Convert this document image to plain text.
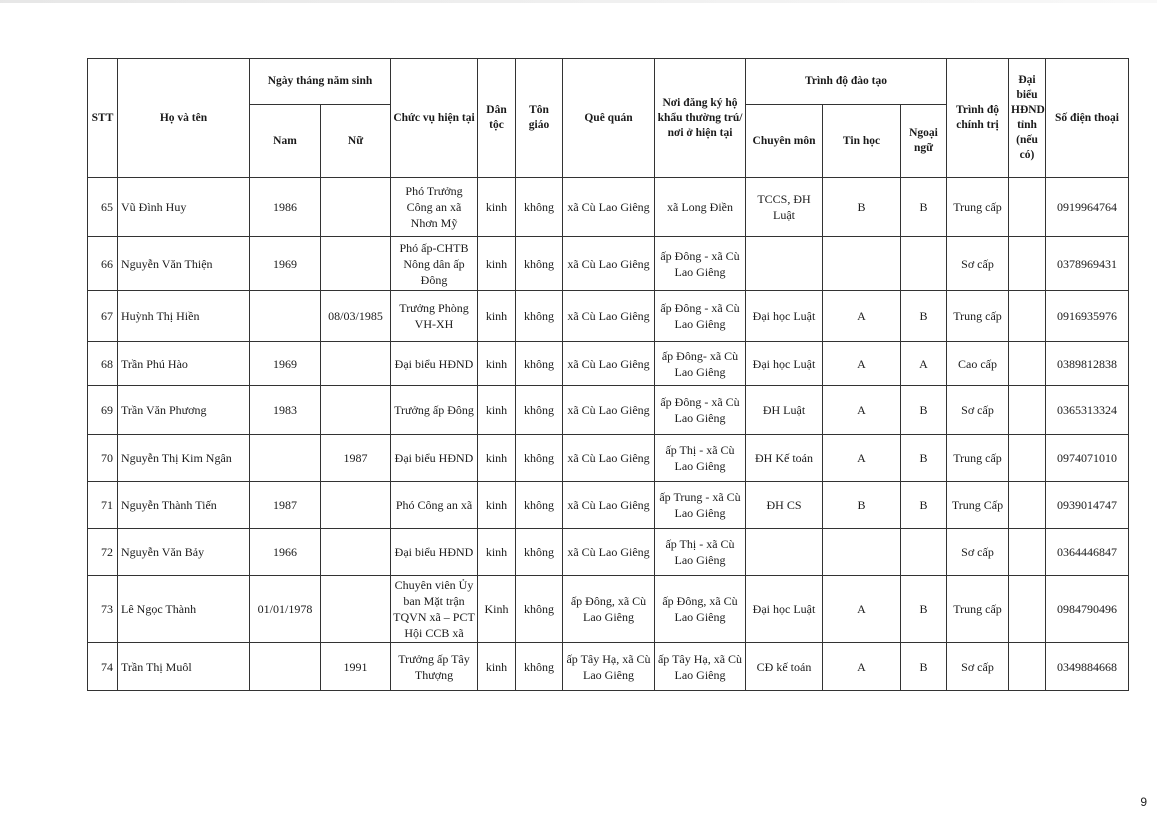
STT	Họ và tên	Ngày tháng năm sinh		Chức vụ hiện tại	Dân tộc	Tôn giáo	Quê quán	Nơi đăng ký hộ khẩu thường trú/ nơi ở hiện tại	Trình độ đào tạo			Trình độ chính trị	Đại biểu HĐND tỉnh (nếu có)	Số điện thoại
		Nam	Nữ						Chuyên môn	Tin học	Ngoại ngữ			
65	Vũ Đình Huy	1986		Phó Trưởng Công an xã Nhơn Mỹ	kinh	không	xã Cù Lao Giêng	xã Long Điền	TCCS, ĐH Luật	B	B	Trung cấp		0919964764
66	Nguyễn Văn Thiện	1969		Phó ấp-CHTB Nông dân ấp Đông	kinh	không	xã Cù Lao Giêng	ấp Đông - xã Cù Lao Giêng				Sơ cấp		0378969431
67	Huỳnh Thị Hiền		08/03/1985	Trưởng Phòng VH-XH	kinh	không	xã Cù Lao Giêng	ấp Đông - xã Cù Lao Giêng	Đại học Luật	A	B	Trung cấp		0916935976
68	Trần Phú Hào	1969		Đại biểu HĐND	kinh	không	xã Cù Lao Giêng	ấp Đông- xã Cù Lao Giêng	Đại học Luật	A	A	Cao cấp		0389812838
69	Trần Văn Phương	1983		Trưởng ấp Đông	kinh	không	xã Cù Lao Giêng	ấp Đông - xã Cù Lao Giêng	ĐH Luật	A	B	Sơ cấp		0365313324
70	Nguyễn Thị Kim Ngân		1987	Đại biểu HĐND	kinh	không	xã Cù Lao Giêng	ấp Thị - xã Cù Lao Giêng	ĐH Kế toán	A	B	Trung cấp		0974071010
71	Nguyễn Thành Tiến	1987		Phó Công an xã	kinh	không	xã Cù Lao Giêng	ấp Trung - xã Cù Lao Giêng	ĐH CS	B	B	Trung Cấp		0939014747
72	Nguyễn Văn Bảy	1966		Đại biểu HĐND	kinh	không	xã Cù Lao Giêng	ấp Thị - xã Cù Lao Giêng				Sơ cấp		0364446847
73	Lê Ngọc Thành	01/01/1978		Chuyên viên Ủy ban Mặt trận TQVN xã – PCT Hội CCB xã	Kinh	không	ấp Đông, xã Cù Lao Giêng	ấp Đông, xã Cù Lao Giêng	Đại học Luật	A	B	Trung cấp		0984790496
74	Trần Thị Muôl		1991	Trưởng ấp Tây Thượng	kinh	không	ấp Tây Hạ, xã Cù Lao Giêng	ấp Tây Hạ, xã Cù Lao Giêng	CĐ kế toán	A	B	Sơ cấp		0349884668
9
